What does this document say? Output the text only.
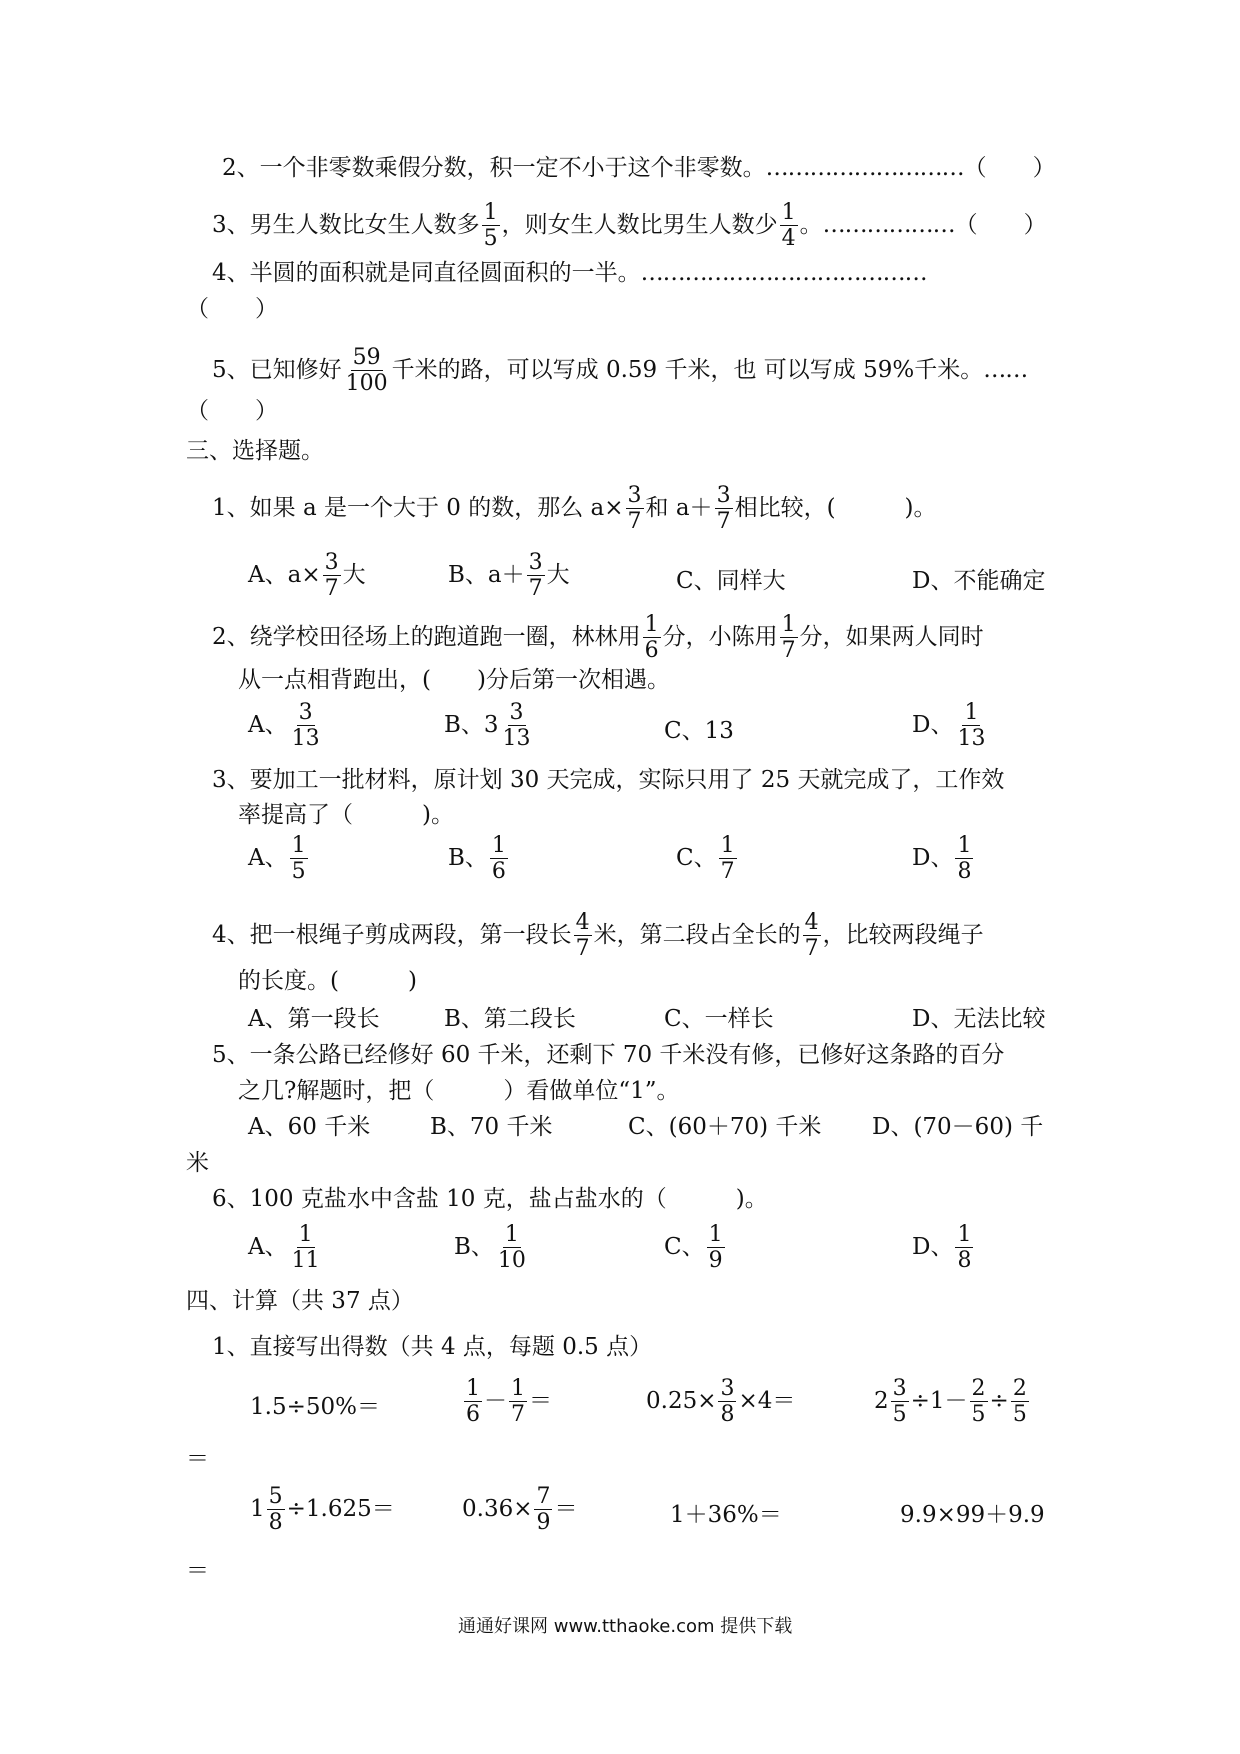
2、一个非零数乘假分数，积一定不小于这个非零数。………………………（　　）
3、男生人数比女生人数多 $\frac{1}{5}$ ，则女生人数比男生人数少 $\frac{1}{4}$ 。………………（　　）
4、半圆的面积就是同直径圆面积的一半。…………………………………
（　　）
5、已知修好 $\frac{59}{100}$ 千米的路，可以写成 0.59 千米，也 可以写成 59%千米。……
（　　）
三、选择题。
1、如果 a 是一个大于 0 的数，那么 $a\times \frac{3}{7}$ 和 $a+ \frac{3}{7}$ 相比较，(　　　)。
A、$a\times \frac{3}{7}$ 大	B、$a+ \frac{3}{7}$ 大	C、同样大	D、不能确定
2、绕学校田径场上的跑道跑一圈，林林用 $\frac{1}{6}$ 分，小陈用 $\frac{1}{7}$ 分，如果两人同时
从一点相背跑出，(　　)分后第一次相遇。
A、 $\frac{3}{13}$	B、$3 \frac{3}{13}$	C、13	D、 $\frac{1}{13}$
3、要加工一批材料，原计划 30 天完成，实际只用了 25 天就完成了，工作效
率提高了（　　　)。
A、 $\frac{1}{5}$	B、 $\frac{1}{6}$	C、 $\frac{1}{7}$	D、 $\frac{1}{8}$
4、把一根绳子剪成两段，第一段长 $\frac{4}{7}$ 米，第二段占全长的 $\frac{4}{7}$ ，比较两段绳子
的长度。(　　　)
A、第一段长	B、第二段长	C、一样长	D、无法比较
5、一条公路已经修好 60 千米，还剩下 70 千米没有修，已修好这条路的百分
之几?解题时，把（　　　）看做单位“1”。
A、60 千米	B、70 千米	C、(60＋70) 千米 D、(70－60) 千
米
6、100 克盐水中含盐 10 克，盐占盐水的（　　　)。
A、 $\frac{1}{11}$	B、 $\frac{1}{10}$	C、 $\frac{1}{9}$	D、 $\frac{1}{8}$
四、计算（共 37 点）
1、直接写出得数（共 4 点，每题 0.5 点）
1.5÷50%＝	$\frac{1}{6} - \frac{1}{7}$ ＝	$0.25\times \frac{3}{8} \times 4=$	$2 \frac{3}{5} \div 1- \frac{2}{5} \div \frac{2}{5}$
＝
$1 \frac{5}{8} \div 1.625=$	$0.36\times \frac{7}{9}$ ＝	1＋36%＝	9.9×99＋9.9
＝
通通好课网 www.tthaoke.com 提供下载
